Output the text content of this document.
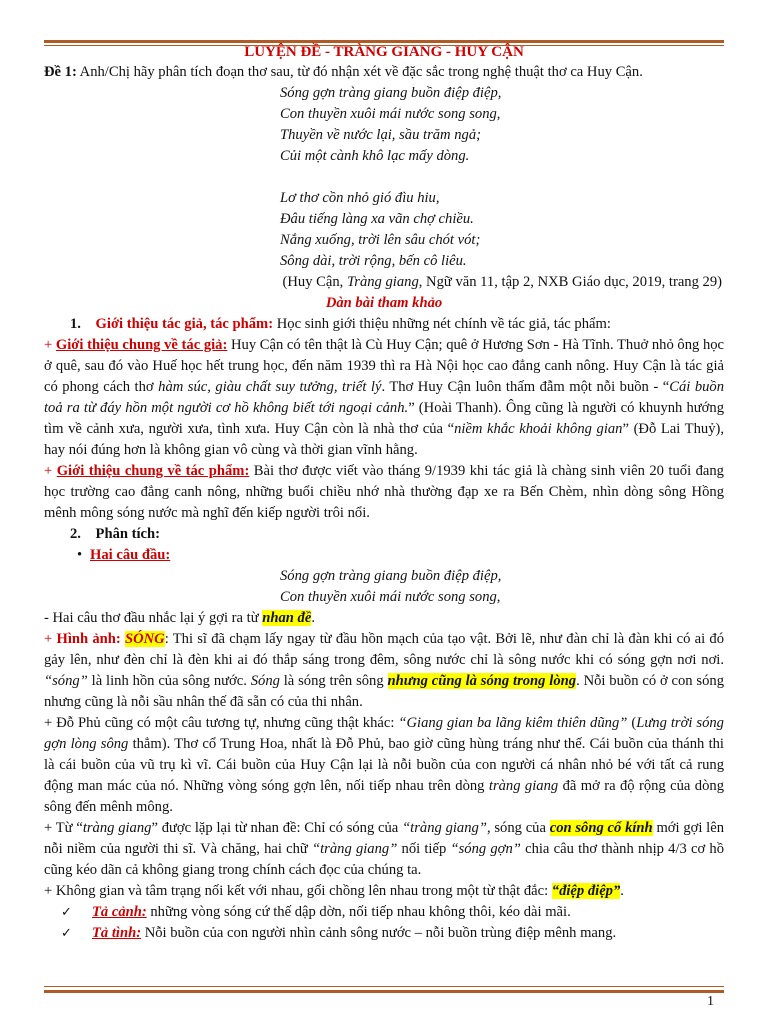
LUYỆN ĐỀ - TRÀNG GIANG - HUY CẬN

Đề 1: Anh/Chị hãy phân tích đoạn thơ sau, từ đó nhận xét về đặc sắc trong nghệ thuật thơ ca Huy Cận.

Sóng gợn tràng giang buồn điệp điệp,

Con thuyền xuôi mái nước song song,

Thuyền về nước lại, sầu trăm ngả;

Củi một cành khô lạc mấy dòng.

Lơ thơ cồn nhỏ gió đìu hiu,

Đâu tiếng làng xa vãn chợ chiều.

Nắng xuống, trời lên sâu chót vót;

Sông dài, trời rộng, bến cô liêu.

(Huy Cận, Tràng giang, Ngữ văn 11, tập 2, NXB Giáo dục, 2019, trang 29)

Dàn bài tham khảo

1. Giới thiệu tác giả, tác phẩm: Học sinh giới thiệu những nét chính về tác giả, tác phẩm:

+ Giới thiệu chung về tác giả: Huy Cận có tên thật là Cù Huy Cận; quê ở Hương Sơn - Hà Tĩnh. Thuở nhỏ ông học ở quê, sau đó vào Huế học hết trung học, đến năm 1939 thì ra Hà Nội học cao đẳng canh nông. Huy Cận là tác giả có phong cách thơ hàm súc, giàu chất suy tưởng, triết lý. Thơ Huy Cận luôn thấm đẫm một nỗi buồn - “Cái buồn toả ra từ đáy hồn một người cơ hồ không biết tới ngoại cảnh.” (Hoài Thanh). Ông cũng là người có khuynh hướng tìm về cảnh xưa, người xưa, tình xưa. Huy Cận còn là nhà thơ của “niềm khắc khoải không gian” (Đỗ Lai Thuỷ), hay nói đúng hơn là không gian vô cùng và thời gian vĩnh hằng.

+ Giới thiệu chung về tác phẩm: Bài thơ được viết vào tháng 9/1939 khi tác giả là chàng sinh viên 20 tuổi đang học trường cao đẳng canh nông, những buổi chiều nhớ nhà thường đạp xe ra Bến Chèm, nhìn dòng sông Hồng mênh mông sóng nước mà nghĩ đến kiếp người trôi nổi.

2. Phân tích:

• Hai câu đầu:

Sóng gợn tràng giang buồn điệp điệp,

Con thuyền xuôi mái nước song song,

- Hai câu thơ đầu nhắc lại ý gợi ra từ nhan đề.

+ Hình ảnh: SÓNG: Thi sĩ đã chạm lấy ngay từ đầu hồn mạch của tạo vật. Bởi lẽ, như đàn chỉ là đàn khi có ai đó gảy lên, như đèn chỉ là đèn khi ai đó thắp sáng trong đêm, sông nước chỉ là sông nước khi có sóng gợn nơi nơi. “sóng” là linh hồn của sông nước. Sóng là sóng trên sông nhưng cũng là sóng trong lòng. Nỗi buồn có ở con sóng nhưng cũng là nỗi sầu nhân thế đã sẵn có của thi nhân.

+ Đỗ Phủ cũng có một câu tương tự, nhưng cũng thật khác: “Giang gian ba lãng kiêm thiên dũng” (Lưng trời sóng gợn lòng sông thẳm). Thơ cổ Trung Hoa, nhất là Đỗ Phủ, bao giờ cũng hùng tráng như thế. Cái buồn của thánh thi là cái buồn của vũ trụ kì vĩ. Cái buồn của Huy Cận lại là nỗi buồn của con người cá nhân nhỏ bé với tất cả rung động man mác của nó. Những vòng sóng gợn lên, nối tiếp nhau trên dòng tràng giang đã mở ra độ rộng của dòng sông đến mênh mông.

+ Từ “tràng giang” được lặp lại từ nhan đề: Chỉ có sóng của “tràng giang”, sóng của con sông cổ kính mới gợi lên nỗi niềm của người thi sĩ. Và chăng, hai chữ “tràng giang” nối tiếp “sóng gợn” chia câu thơ thành nhịp 4/3 cơ hồ cũng kéo dãn cả không giang trong chính cách đọc của chúng ta.

+ Không gian và tâm trạng nối kết với nhau, gối chồng lên nhau trong một từ thật đắc: “điệp điệp”.

✓ Tả cảnh: những vòng sóng cứ thế dập dờn, nối tiếp nhau không thôi, kéo dài mãi.

✓ Tả tình: Nỗi buồn của con người nhìn cảnh sông nước – nỗi buồn trùng điệp mênh mang.

1
